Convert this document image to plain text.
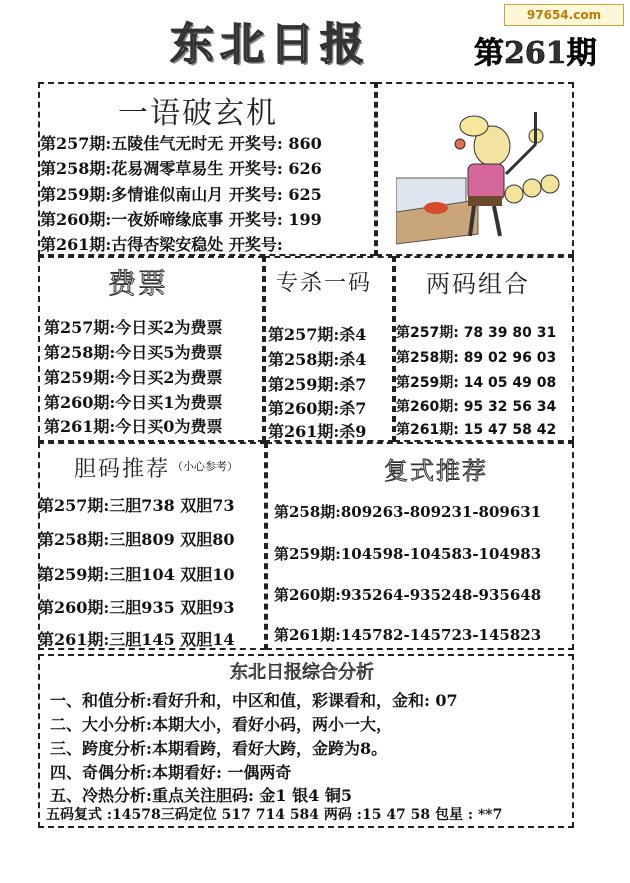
97654.com
东北日报	第261期
一语破玄机
第257期:五陵佳气无时无 开奖号: 860
第258期:花易凋零草易生 开奖号: 626
第259期:多情谁似南山月 开奖号: 625
第260期:一夜娇啼缘底事 开奖号: 199
第261期:古得杏梁安稳处 开奖号:
费票
第257期:今日买2为费票
第258期:今日买5为费票
第259期:今日买2为费票
第260期:今日买1为费票
第261期:今日买0为费票
专杀一码
第257期:杀4
第258期:杀4
第259期:杀7
第260期:杀7
第261期:杀9
两码组合
第257期: 78 39 80 31
第258期: 89 02 96 03
第259期: 14 05 49 08
第260期: 95 32 56 34
第261期: 15 47 58 42
胆码推荐 （小心参考）
第257期:三胆738 双胆73
第258期:三胆809 双胆80
第259期:三胆104 双胆10
第260期:三胆935 双胆93
第261期:三胆145 双胆14
复式推荐
第258期:809263-809231-809631
第259期:104598-104583-104983
第260期:935264-935248-935648
第261期:145782-145723-145823
东北日报综合分析
一、和值分析:看好升和，中区和值，彩课看和，金和: 07
二、大小分析:本期大小，看好小码，两小一大，
三、跨度分析:本期看跨，看好大跨，金跨为8。
四、奇偶分析:本期看好: 一偶两奇
五、冷热分析:重点关注胆码: 金1 银4 铜5
五码复式 :14578三码定位 517 714 584 两码 :15 47 58 包星 : **7
